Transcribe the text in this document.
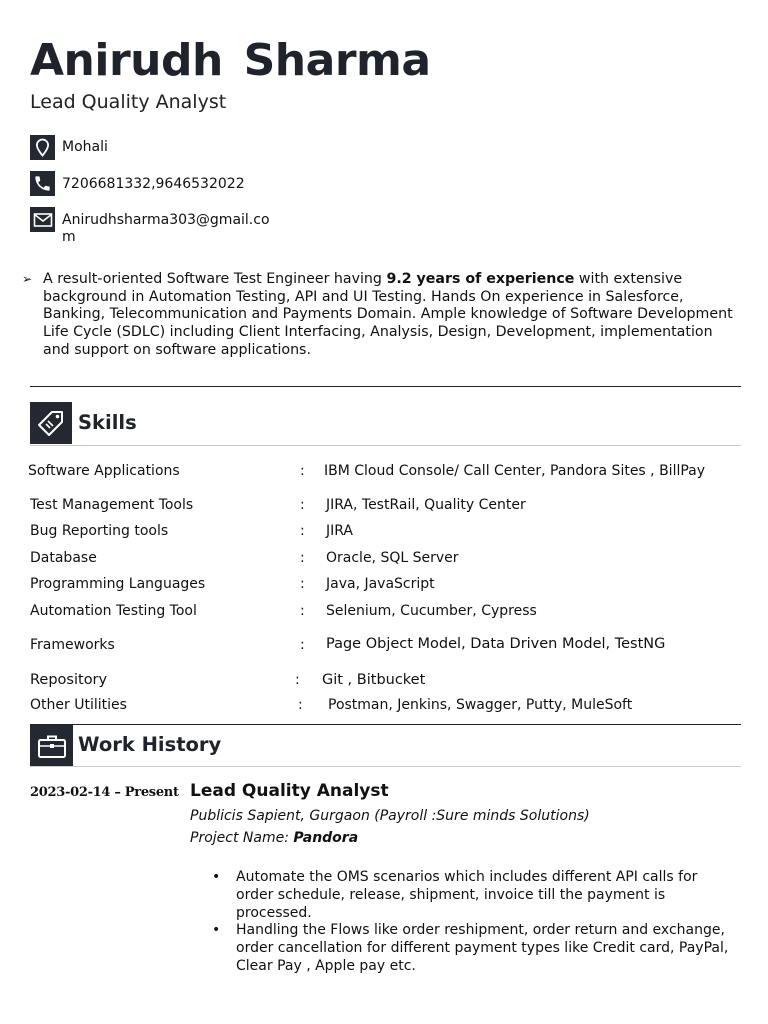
Anirudh Sharma
Lead Quality Analyst
Mohali
7206681332,9646532022
Anirudhsharma303@gmail.co
m
➢ A result-oriented Software Test Engineer having 9.2 years of experience with extensive background in Automation Testing, API and UI Testing. Hands On experience in Salesforce, Banking, Telecommunication and Payments Domain. Ample knowledge of Software Development Life Cycle (SDLC) including Client Interfacing, Analysis, Design, Development, implementation and support on software applications.
Skills
Software Applications	: IBM Cloud Console/ Call Center, Pandora Sites , BillPay
Test Management Tools	: JIRA, TestRail, Quality Center
Bug Reporting tools	: JIRA
Database	: Oracle, SQL Server
Programming Languages	: Java, JavaScript
Automation Testing Tool	: Selenium, Cucumber, Cypress
Frameworks	: Page Object Model, Data Driven Model, TestNG
Repository	: Git , Bitbucket
Other Utilities	: Postman, Jenkins, Swagger, Putty, MuleSoft
Work History
2023-02-14 – Present Lead Quality Analyst
Publicis Sapient, Gurgaon (Payroll :Sure minds Solutions)
Project Name: Pandora
• Automate the OMS scenarios which includes different API calls for order schedule, release, shipment, invoice till the payment is processed.
• Handling the Flows like order reshipment, order return and exchange, order cancellation for different payment types like Credit card, PayPal, Clear Pay , Apple pay etc.
